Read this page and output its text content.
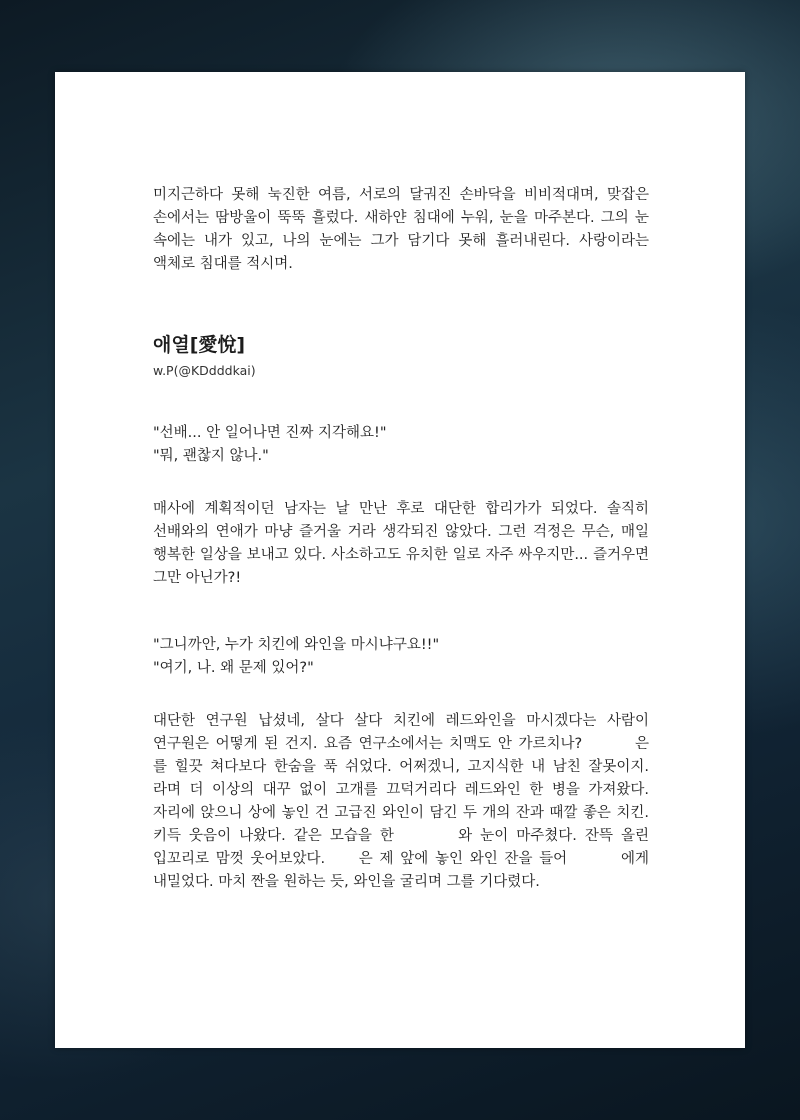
미지근하다 못해 눅진한 여름, 서로의 달궈진 손바닥을 비비적대며, 맞잡은 손에서는 땀방울이 뚝뚝 흘렀다. 새하얀 침대에 누워, 눈을 마주본다. 그의 눈 속에는 내가 있고, 나의 눈에는 그가 담기다 못해 흘러내린다. 사랑이라는 액체로 침대를 적시며.

애열[愛悅]

w.P(@KDdddkai)

"선배... 안 일어나면 진짜 지각해요!"

"뭐, 괜찮지 않나."

매사에 계획적이던 남자는 날 만난 후로 대단한 합리가가 되었다. 솔직히 선배와의 연애가 마냥 즐거울 거라 생각되진 않았다. 그런 걱정은 무슨, 매일 행복한 일상을 보내고 있다. 사소하고도 유치한 일로 자주 싸우지만... 즐거우면 그만 아닌가?!

"그니까안, 누가 치킨에 와인을 마시냐구요!!"

"여기, 나. 왜 문제 있어?"

대단한 연구원 납셨네, 살다 살다 치킨에 레드와인을 마시겠다는 사람이 연구원은 어떻게 된 건지. 요즘 연구소에서는 치맥도 안 가르치나?        은        를 힐끗 쳐다보다 한숨을 푹 쉬었다. 어쩌겠니, 고지식한 내 남친 잘못이지. 라며 더 이상의 대꾸 없이 고개를 끄덕거리다 레드와인 한 병을 가져왔다. 자리에 앉으니 상에 놓인 건 고급진 와인이 담긴 두 개의 잔과 때깔 좋은 치킨. 키득 웃음이 나왔다. 같은 모습을 한        와 눈이 마주쳤다. 잔뜩 올린 입꼬리로 맘껏 웃어보았다.     은 제 앞에 놓인 와인 잔을 들어        에게 내밀었다. 마치 짠을 원하는 듯, 와인을 굴리며 그를 기다렸다.
